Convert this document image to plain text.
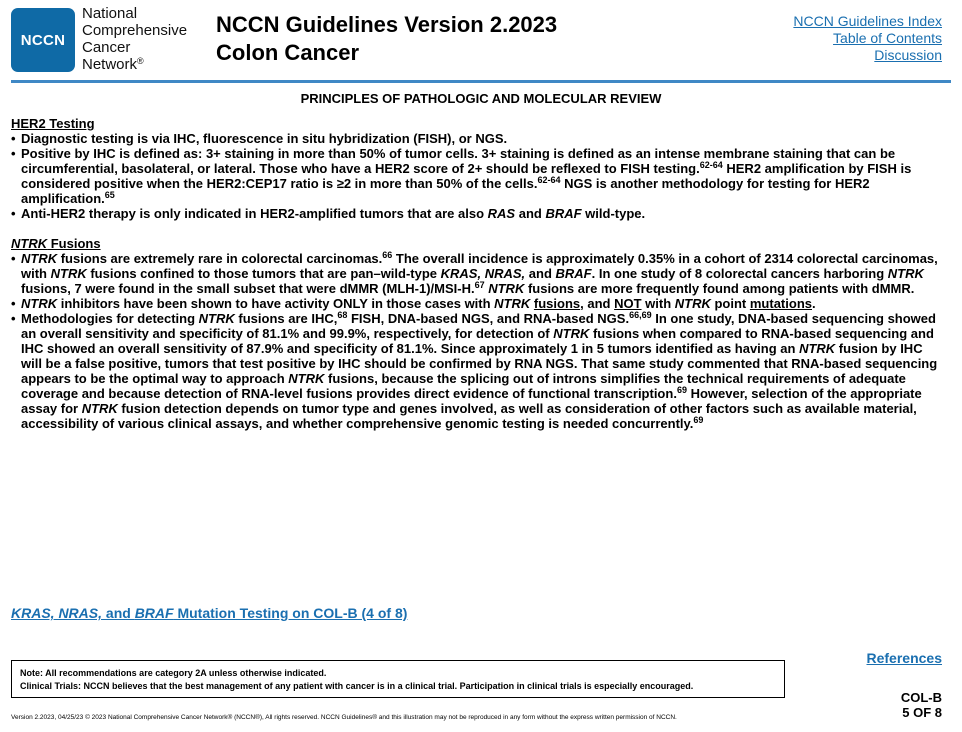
NCCN
National
Comprehensive
Cancer
Network®
NCCN Guidelines Version 2.2023
Colon Cancer
NCCN Guidelines Index
Table of Contents
Discussion
PRINCIPLES OF PATHOLOGIC AND MOLECULAR REVIEW
HER2 Testing
• Diagnostic testing is via IHC, fluorescence in situ hybridization (FISH), or NGS.
• Positive by IHC is defined as: 3+ staining in more than 50% of tumor cells. 3+ staining is defined as an intense membrane staining that can be circumferential, basolateral, or lateral. Those who have a HER2 score of 2+ should be reflexed to FISH testing.$^{62-64}$ HER2 amplification by FISH is considered positive when the HER2:CEP17 ratio is ≥2 in more than 50% of the cells.$^{62-64}$ NGS is another methodology for testing for HER2 amplification.$^{65}$
• Anti-HER2 therapy is only indicated in HER2-amplified tumors that are also RAS and BRAF wild-type.
NTRK Fusions
• NTRK fusions are extremely rare in colorectal carcinomas.$^{66}$ The overall incidence is approximately 0.35% in a cohort of 2314 colorectal carcinomas, with NTRK fusions confined to those tumors that are pan–wild-type KRAS, NRAS, and BRAF. In one study of 8 colorectal cancers harboring NTRK fusions, 7 were found in the small subset that were dMMR (MLH-1)/MSI-H.$^{67}$ NTRK fusions are more frequently found among patients with dMMR.
• NTRK inhibitors have been shown to have activity ONLY in those cases with NTRK fusions, and NOT with NTRK point mutations.
• Methodologies for detecting NTRK fusions are IHC,$^{68}$ FISH, DNA-based NGS, and RNA-based NGS.$^{66,69}$ In one study, DNA-based sequencing showed an overall sensitivity and specificity of 81.1% and 99.9%, respectively, for detection of NTRK fusions when compared to RNA-based sequencing and IHC showed an overall sensitivity of 87.9% and specificity of 81.1%. Since approximately 1 in 5 tumors identified as having an NTRK fusion by IHC will be a false positive, tumors that test positive by IHC should be confirmed by RNA NGS. That same study commented that RNA-based sequencing appears to be the optimal way to approach NTRK fusions, because the splicing out of introns simplifies the technical requirements of adequate coverage and because detection of RNA-level fusions provides direct evidence of functional transcription.$^{69}$ However, selection of the appropriate assay for NTRK fusion detection depends on tumor type and genes involved, as well as consideration of other factors such as available material, accessibility of various clinical assays, and whether comprehensive genomic testing is needed concurrently.$^{69}$
KRAS, NRAS, and BRAF Mutation Testing on COL-B (4 of 8)
References
Note: All recommendations are category 2A unless otherwise indicated.
Clinical Trials: NCCN believes that the best management of any patient with cancer is in a clinical trial. Participation in clinical trials is especially encouraged.
COL-B
5 OF 8
Version 2.2023, 04/25/23 © 2023 National Comprehensive Cancer Network® (NCCN®), All rights reserved. NCCN Guidelines® and this illustration may not be reproduced in any form without the express written permission of NCCN.
